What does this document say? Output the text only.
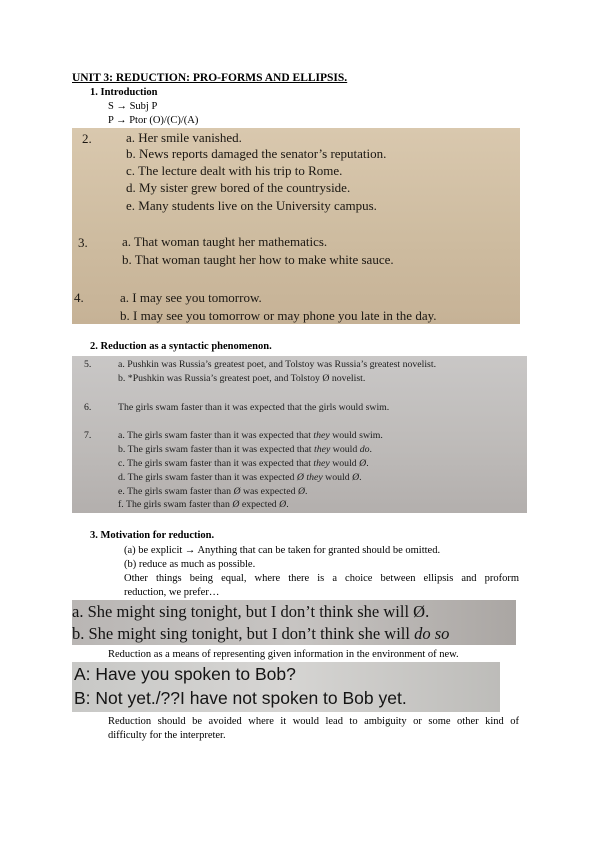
UNIT 3: REDUCTION: PRO-FORMS AND ELLIPSIS.
1. Introduction
S → Subj P
P → Ptor (O)/(C)/(A)
2.	a. Her smile vanished.
b. News reports damaged the senator’s reputation.
c. The lecture dealt with his trip to Rome.
d. My sister grew bored of the countryside.
e. Many students live on the University campus.
3.	a. That woman taught her mathematics.
b. That woman taught her how to make white sauce.
4.	a. I may see you tomorrow.
b. I may see you tomorrow or may phone you late in the day.
2. Reduction as a syntactic phenomenon.
5.	a. Pushkin was Russia’s greatest poet, and Tolstoy was Russia’s greatest novelist.
b. *Pushkin was Russia’s greatest poet, and Tolstoy Ø novelist.
6.	The girls swam faster than it was expected that the girls would swim.
7.	a. The girls swam faster than it was expected that they would swim.
b. The girls swam faster than it was expected that they would do.
c. The girls swam faster than it was expected that they would Ø.
d. The girls swam faster than it was expected Ø they would Ø.
e. The girls swam faster than Ø was expected Ø.
f. The girls swam faster than Ø expected Ø.
3. Motivation for reduction.
(a) be explicit → Anything that can be taken for granted should be omitted.
(b) reduce as much as possible.
Other things being equal, where there is a choice between ellipsis and proform
reduction, we prefer…
a. She might sing tonight, but I don’t think she will Ø.
b. She might sing tonight, but I don’t think she will do so
Reduction as a means of representing given information in the environment of new.
A: Have you spoken to Bob?
B: Not yet./??I have not spoken to Bob yet.
Reduction should be avoided where it would lead to ambiguity or some other kind of
difficulty for the interpreter.
